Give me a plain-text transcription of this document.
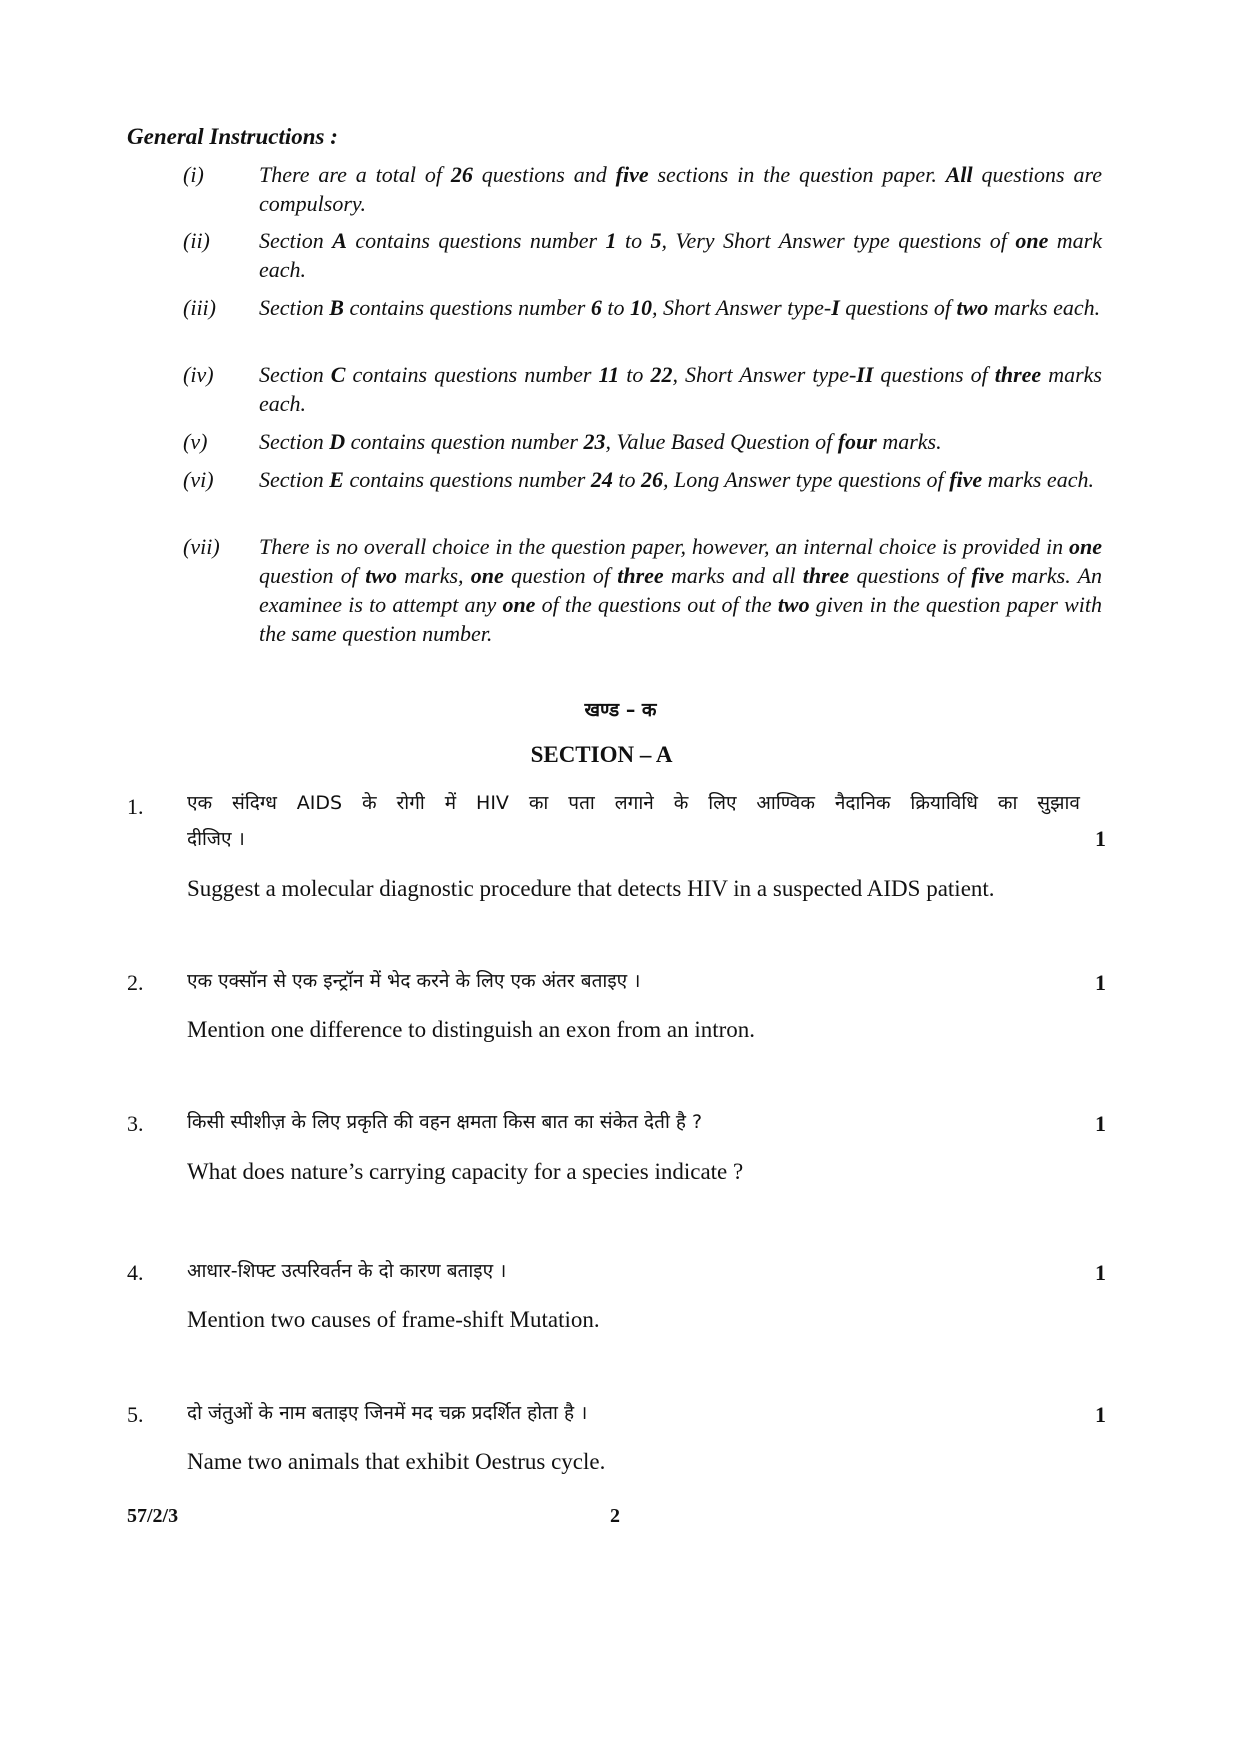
General Instructions :
(i)	There are a total of 26 questions and five sections in the question paper. All questions are compulsory.
(ii)	Section A contains questions number 1 to 5, Very Short Answer type questions of one mark each.
(iii)	Section B contains questions number 6 to 10, Short Answer type-I questions of two marks each.
(iv)	Section C contains questions number 11 to 22, Short Answer type-II questions of three marks each.
(v)	Section D contains question number 23, Value Based Question of four marks.
(vi)	Section E contains questions number 24 to 26, Long Answer type questions of five marks each.
(vii)	There is no overall choice in the question paper, however, an internal choice is provided in one question of two marks, one question of three marks and all three questions of five marks. An examinee is to attempt any one of the questions out of the two given in the question paper with the same question number.
खण्ड – क
SECTION – A
1. एक संदिग्ध AIDS के रोगी में HIV का पता लगाने के लिए आण्विक नैदानिक क्रियाविधि का सुझाव
दीजिए ।	1
Suggest a molecular diagnostic procedure that detects HIV in a suspected AIDS patient.
2. एक एक्सॉन से एक इन्ट्रॉन में भेद करने के लिए एक अंतर बताइए ।	1
Mention one difference to distinguish an exon from an intron.
3. किसी स्पीशीज़ के लिए प्रकृति की वहन क्षमता किस बात का संकेत देती है ?	1
What does nature’s carrying capacity for a species indicate ?
4. आधार-शिफ्ट उत्परिवर्तन के दो कारण बताइए ।	1
Mention two causes of frame-shift Mutation.
5. दो जंतुओं के नाम बताइए जिनमें मद चक्र प्रदर्शित होता है ।	1
Name two animals that exhibit Oestrus cycle.
57/2/3	2
